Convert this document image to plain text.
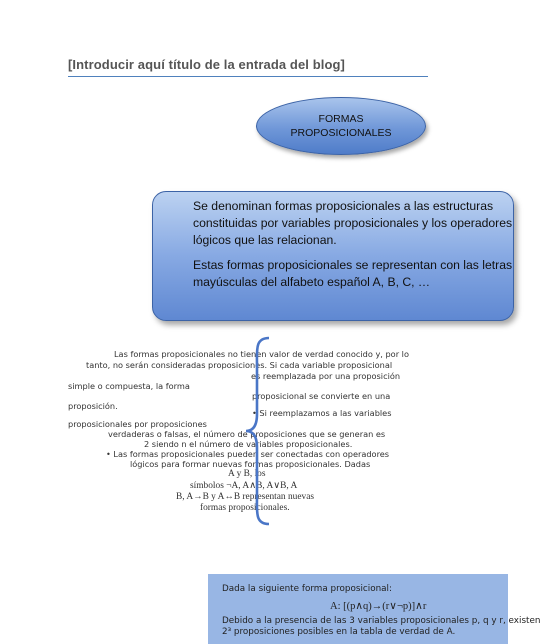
[Introducir aquí título de la entrada del blog]
FORMAS
PROPOSICIONALES

Se denominan formas proposicionales a las estructuras
constituidas por variables proposicionales y los operadores
lógicos que las relacionan.

Estas formas proposicionales se representan con las letras
mayúsculas del alfabeto español A, B, C, …

Las formas proposicionales no tienen valor de verdad conocido y, por lo
tanto, no serán consideradas proposiciones. Si cada variable proposicional
es reemplazada por una proposición
simple o compuesta, la forma
proposicional se convierte en una
proposición.
• Si reemplazamos a las variables
proposicionales por proposiciones
verdaderas o falsas, el número de proposiciones que se generan es
2 siendo n el número de variables proposicionales.
• Las formas proposicionales pueden ser conectadas con operadores
lógicos para formar nuevas formas proposicionales. Dadas
A y B, los
símbolos ¬A, A∧B, A∨B, A
B, A→B y A↔B representan nuevas
formas proposicionales.
Dada la siguiente forma proposicional:
A: [(p∧q)→(r∨¬p)]∧r
Debido a la presencia de las 3 variables proposicionales p, q y r, existen
2³ proposiciones posibles en la tabla de verdad de A.
